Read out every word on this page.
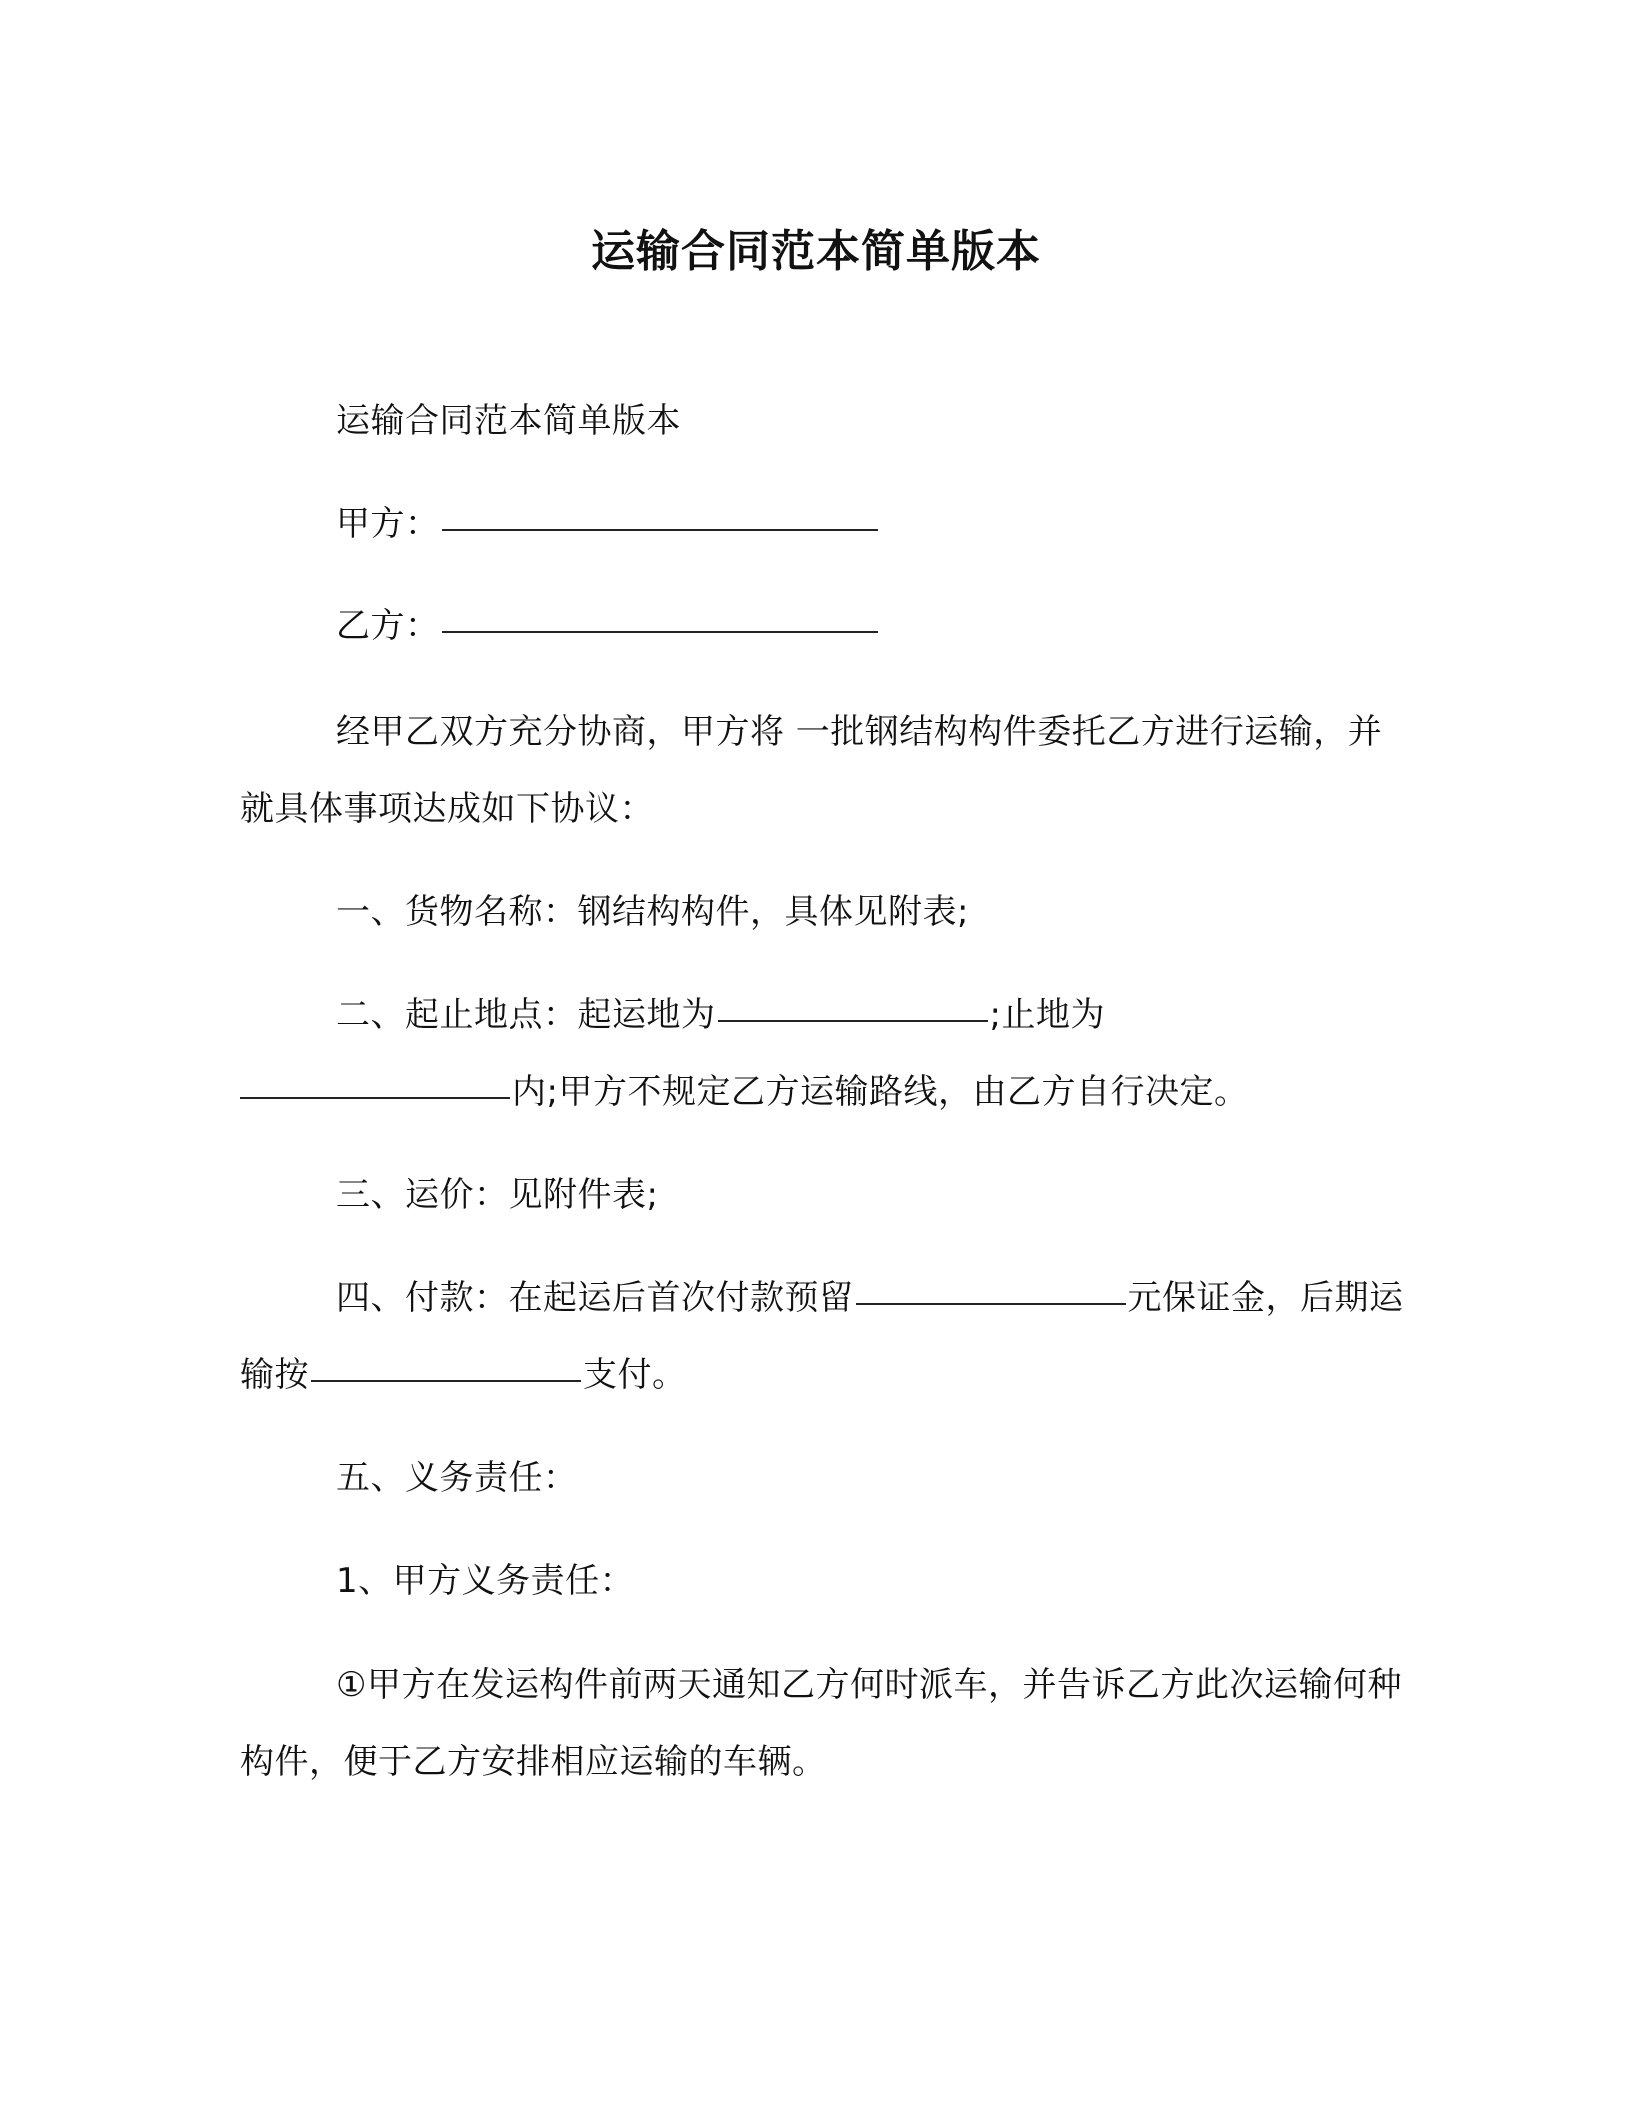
运输合同范本简单版本

运输合同范本简单版本

甲方：

乙方：

经甲乙双方充分协商，甲方将 一批钢结构构件委托乙方进行运输，并就具体事项达成如下协议：

一、货物名称：钢结构构件，具体见附表;

二、起止地点：起运地为	;止地为
内;甲方不规定乙方运输路线，由乙方自行决定。

三、运价：见附件表;

四、付款：在起运后首次付款预留	元保证金，后期运输按	支付。

五、义务责任：

1、甲方义务责任：

①甲方在发运构件前两天通知乙方何时派车，并告诉乙方此次运输何种构件，便于乙方安排相应运输的车辆。
